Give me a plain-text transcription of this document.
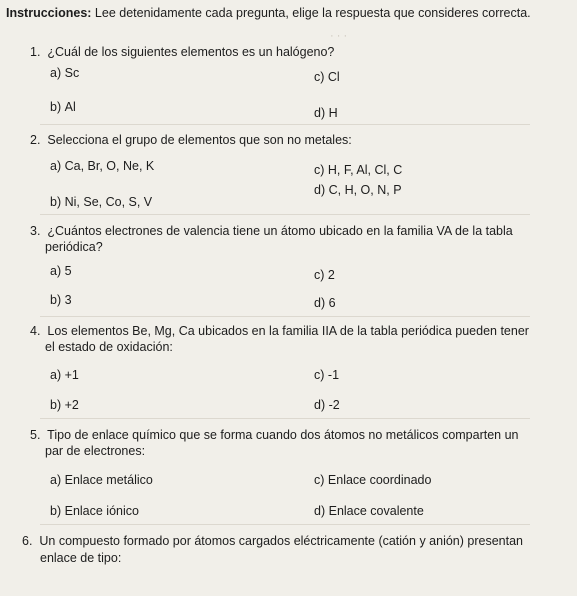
Instrucciones: Lee detenidamente cada pregunta, elige la respuesta que consideres correcta.
· · ·
1. ¿Cuál de los siguientes elementos es un halógeno?
a) Sc
b) Al
c) Cl
d) H
2. Selecciona el grupo de elementos que son no metales:
a) Ca, Br, O, Ne, K
b) Ni, Se, Co, S, V
c) H, F, Al, Cl, C
d) C, H, O, N, P
3. ¿Cuántos electrones de valencia tiene un átomo ubicado en la familia VA de la tabla
periódica?
a) 5
b) 3
c) 2
d) 6
4. Los elementos Be, Mg, Ca ubicados en la familia IIA de la tabla periódica pueden tener
el estado de oxidación:
a) +1
b) +2
c) -1
d) -2
5. Tipo de enlace químico que se forma cuando dos átomos no metálicos comparten un
par de electrones:
a) Enlace metálico
b) Enlace iónico
c) Enlace coordinado
d) Enlace covalente
6. Un compuesto formado por átomos cargados eléctricamente (catión y anión) presentan
enlace de tipo:
